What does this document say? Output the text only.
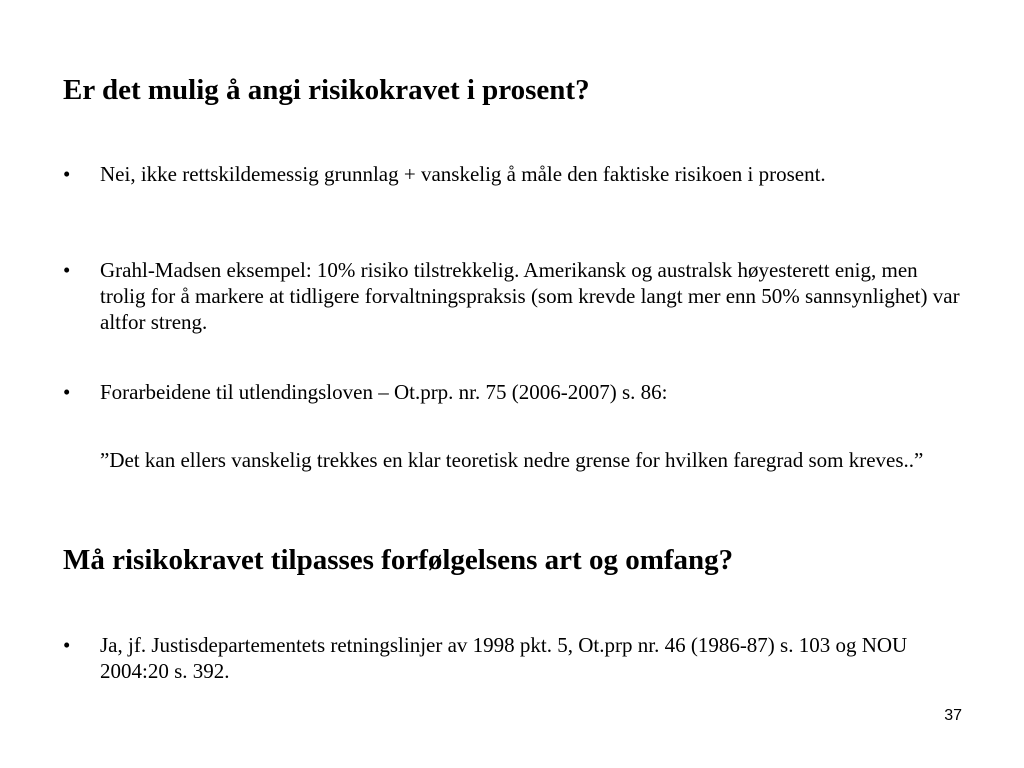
Er det mulig å angi risikokravet i prosent?
•	Nei, ikke rettskildemessig grunnlag + vanskelig å måle den faktiske risikoen i prosent.
•	Grahl-Madsen eksempel: 10% risiko tilstrekkelig. Amerikansk og australsk høyesterett enig, men trolig for å markere at tidligere forvaltningspraksis (som krevde langt mer enn 50% sannsynlighet) var altfor streng.
•	Forarbeidene til utlendingsloven – Ot.prp. nr. 75 (2006-2007) s. 86:
”Det kan ellers vanskelig trekkes en klar teoretisk nedre grense for hvilken faregrad som kreves..”
Må risikokravet tilpasses forfølgelsens art og omfang?
•	Ja, jf. Justisdepartementets retningslinjer av 1998 pkt. 5, Ot.prp nr. 46 (1986-87) s. 103 og NOU 2004:20 s. 392.
37
